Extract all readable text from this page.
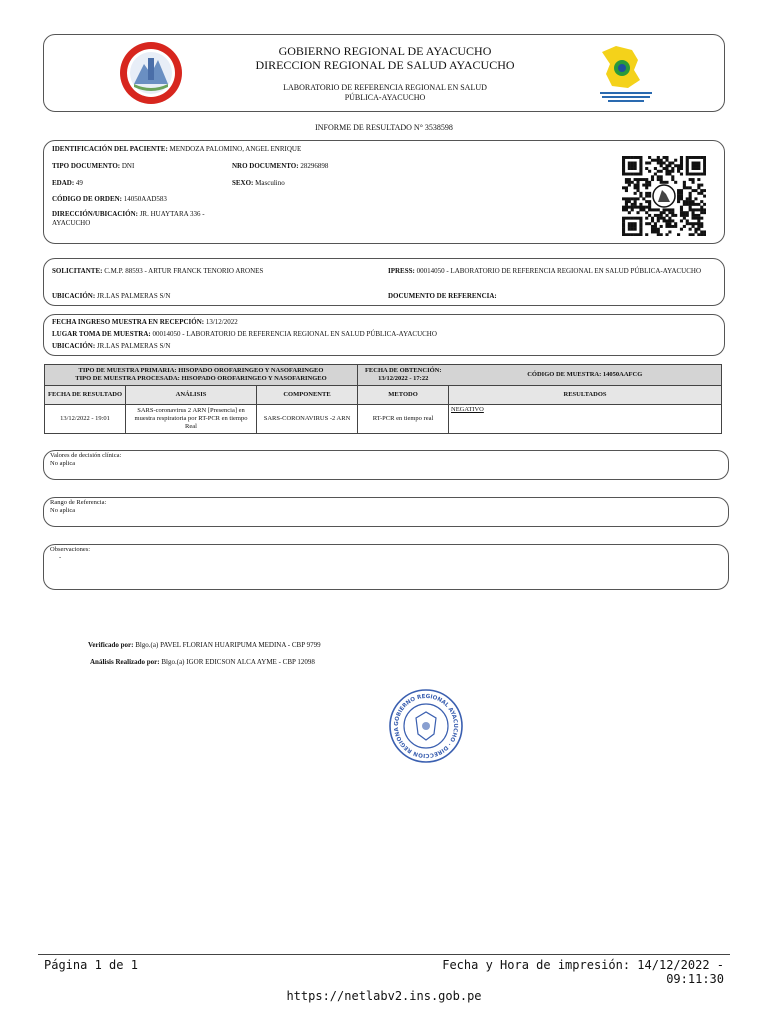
GOBIERNO REGIONAL DE AYACUCHO
DIRECCION REGIONAL DE SALUD AYACUCHO
LABORATORIO DE REFERENCIA REGIONAL EN SALUD
PÚBLICA-AYACUCHO
INFORME DE RESULTADO N° 3538598
IDENTIFICACIÓN DEL PACIENTE: MENDOZA PALOMINO, ANGEL ENRIQUE
TIPO DOCUMENTO: DNI	NRO DOCUMENTO: 28296898
EDAD: 49	SEXO: Masculino
CÓDIGO DE ORDEN: 14050AAD583
DIRECCIÓN/UBICACIÓN: JR. HUAYTARA 336 - AYACUCHO
SOLICITANTE: C.M.P. 88593 - ARTUR FRANCK TENORIO ARONES	IPRESS: 00014050 - LABORATORIO DE REFERENCIA REGIONAL EN SALUD PÚBLICA-AYACUCHO
UBICACIÓN: JR.LAS PALMERAS S/N	DOCUMENTO DE REFERENCIA:
FECHA INGRESO MUESTRA EN RECEPCIÓN: 13/12/2022
LUGAR TOMA DE MUESTRA: 00014050 - LABORATORIO DE REFERENCIA REGIONAL EN SALUD PÚBLICA-AYACUCHO
UBICACIÓN: JR.LAS PALMERAS S/N
TIPO DE MUESTRA PRIMARIA: HISOPADO OROFARINGEO Y NASOFARINGEO
TIPO DE MUESTRA PROCESADA: HISOPADO OROFARINGEO Y NASOFARINGEO			FECHA DE OBTENCIÓN: 13/12/2022 - 17:22	CÓDIGO DE MUESTRA: 14050AAFCG
FECHA DE RESULTADO	ANÁLISIS	COMPONENTE	METODO	RESULTADOS
13/12/2022 - 19:01	SARS-coronavirus 2 ARN [Presencia] en muestra respiratoria por RT-PCR en tiempo Real	SARS-CORONAVIRUS -2 ARN	RT-PCR en tiempo real	NEGATIVO
Valores de decisión clínica:
No aplica
Rango de Referencia:
No aplica
Observaciones:
-
Verificado por: Blgo.(a) PAVEL FLORIAN HUARIPUMA MEDINA - CBP 9799
Análisis Realizado por: Blgo.(a) IGOR EDICSON ALCA AYME - CBP 12098
GOBIERNO REGIONAL AYACUCHO · DIRECCION REGIONA
Página 1 de 1	Fecha y Hora de impresión: 14/12/2022 - 09:11:30
https://netlabv2.ins.gob.pe
